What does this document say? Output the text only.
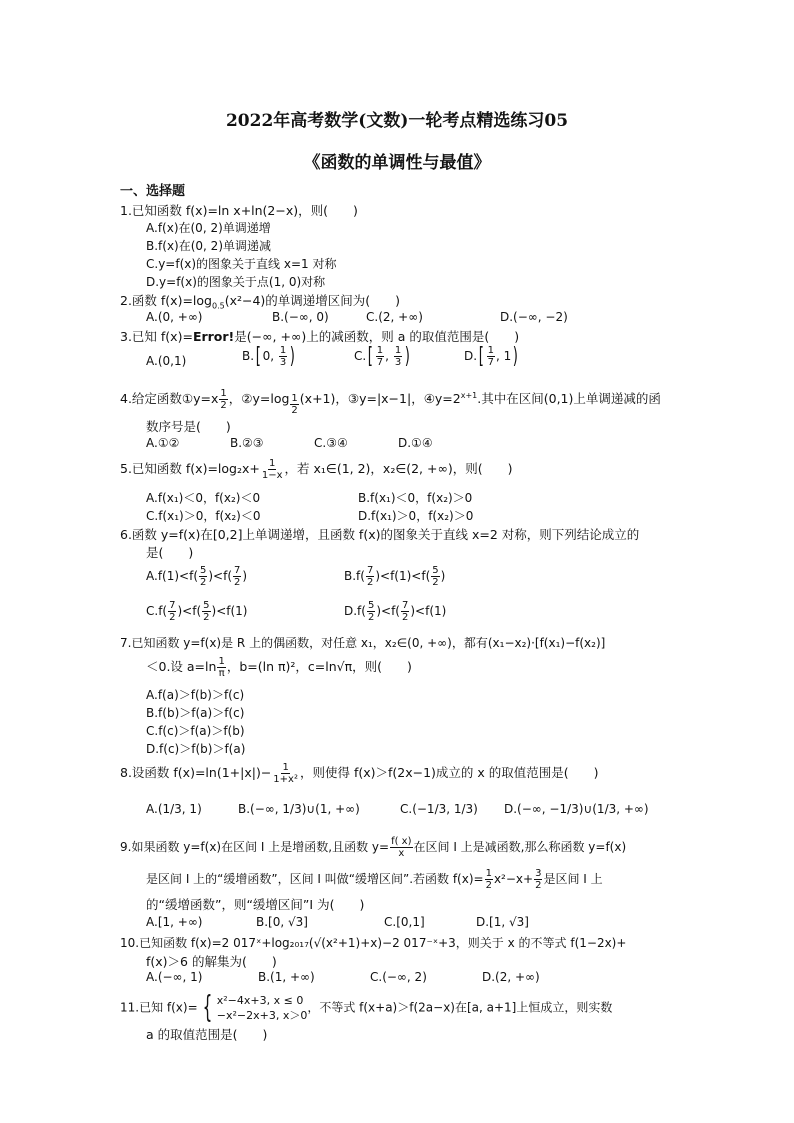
2022年高考数学(文数)一轮考点精选练习05
《函数的单调性与最值》
一、选择题
1.已知函数 f(x)=ln x+ln(2−x)，则(　　)
A.f(x)在(0, 2)单调递增
B.f(x)在(0, 2)单调递减
C.y=f(x)的图象关于直线 x=1 对称
D.y=f(x)的图象关于点(1, 0)对称
2.函数 $f(x)=\log_{0.5}(x^2-4)$的单调递增区间为(　　)
A.(0, +∞)	B.(−∞, 0)	C.(2, +∞)	D.(−∞, −2)
3.已知 f(x)=Error!是(−∞, +∞)上的减函数，则 a 的取值范围是(　　)
A.(0,1)	B.[ 0, $\frac{1}{3}$ )	$C.[ \frac{1}{7}$ , $\frac{1}{3}$ )	$D.[ \frac{1}{7}$ , 1)
4.给定函数①y=x $\frac{1}{2}$ ，②y=log $_{\frac{1}{2}}$ (x+1)，③y=|x−1|，$④y=2^{x+1}$.其中在区间(0,1)上单调递减的函
数序号是(　　)
A.①②	B.②③	C.③④	D.①④
5.已知函数 $f(x)=\log_2x+ \frac{1}{1-x}$ ，若 x₁∈(1, 2)，x₂∈(2, +∞)，则(　　)
A.f(x₁)＜0，f(x₂)＜0	B.f(x₁)＜0，f(x₂)＞0
C.f(x₁)＞0，f(x₂)＜0	D.f(x₁)＞0，f(x₂)＞0
6.函数 y=f(x)在[0,2]上单调递增，且函数 f(x)的图象关于直线 x=2 对称，则下列结论成立的
是(　　)
$A.f(1)<f( \frac{5}{2} )<f( \frac{7}{2}$ )	$B.f( \frac{7}{2} )<f(1)<f( \frac{5}{2}$ )
$C.f( \frac{7}{2} )<f( \frac{5}{2} )<f(1)$	$D.f( \frac{5}{2} )<f( \frac{7}{2} )<f(1)$
7.已知函数 y=f(x)是 R 上的偶函数，对任意 x₁，x₂∈(0, +∞)，都有(x₁−x₂)·[f(x₁)−f(x₂)]
＜0.设 $a=\ln \frac{1}{\pi}$ ，b=(ln π)²，c=ln√π，则(　　)
A.f(a)＞f(b)＞f(c)
B.f(b)＞f(a)＞f(c)
C.f(c)＞f(a)＞f(b)
D.f(c)＞f(b)＞f(a)
8.设函数 $f(x)=\ln(1+|x|)- \frac{1}{\text{1+x²}}$ ，则使得 f(x)＞f(2x−1)成立的 x 的取值范围是(　　)
A.(1/3, 1)	B.(−∞, 1/3)∪(1, +∞)	C.(−1/3, 1/3) D.(−∞, −1/3)∪(1/3, +∞)
9.如果函数 y=f(x)在区间 I 上是增函数,且函数 $y= \frac{f( x)}{x}$ 在区间 I 上是减函数,那么称函数 y=f(x)
是区间 I 上的“缓增函数”，区间 I 叫做“缓增区间”.若函数 $f(x)= \frac{1}{2} x^2-x+ \frac{3}{2}$ 是区间 I 上
的“缓增函数”，则“缓增区间”I 为(　　)
A.[1, +∞)	B.[0, √3]	C.[0,1]	D.[1, √3]
10.已知函数 f(x)=2 017ˣ+log₂₀₁₇(√(x²+1)+x)−2 017⁻ˣ+3，则关于 x 的不等式 f(1−2x)+
f(x)＞6 的解集为(　　)
A.(−∞, 1)	B.(1, +∞)	C.(−∞, 2)	D.(2, +∞)
11.已知 f(x)= { x²−4x+3, x ≤ 0
−x²−2x+3, x＞0
，不等式 f(x+a)＞f(2a−x)在[a, a+1]上恒成立，则实数
a 的取值范围是(　　)
